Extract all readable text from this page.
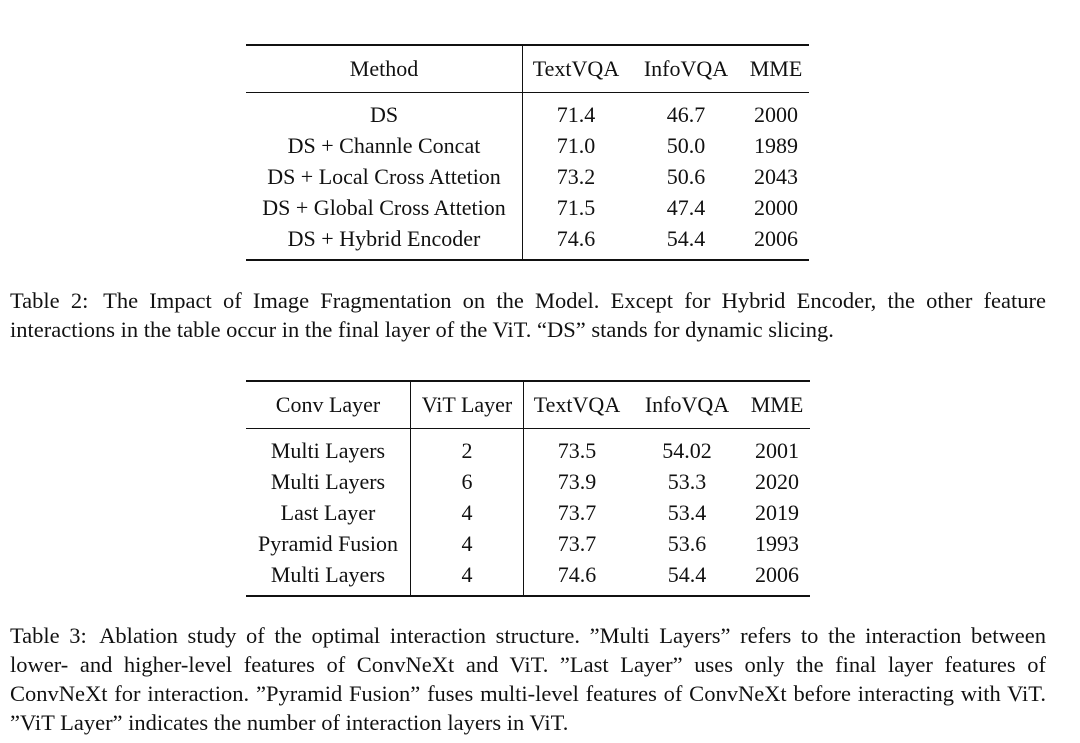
Method	TextVQA	InfoVQA	MME
DS	71.4	46.7	2000
DS + Channle Concat	71.0	50.0	1989
DS + Local Cross Attetion	73.2	50.6	2043
DS + Global Cross Attetion	71.5	47.4	2000
DS + Hybrid Encoder	74.6	54.4	2006

Table 2: The Impact of Image Fragmentation on the Model. Except for Hybrid Encoder, the other feature interactions in the table occur in the final layer of the ViT. “DS” stands for dynamic slicing.

Conv Layer	ViT Layer	TextVQA	InfoVQA	MME
Multi Layers	2	73.5	54.02	2001
Multi Layers	6	73.9	53.3	2020
Last Layer	4	73.7	53.4	2019
Pyramid Fusion	4	73.7	53.6	1993
Multi Layers	4	74.6	54.4	2006

Table 3: Ablation study of the optimal interaction structure. ”Multi Layers” refers to the interaction between lower- and higher-level features of ConvNeXt and ViT. ”Last Layer” uses only the final layer features of ConvNeXt for interaction. ”Pyramid Fusion” fuses multi-level features of ConvNeXt before interacting with ViT. ”ViT Layer” indicates the number of interaction layers in ViT.
